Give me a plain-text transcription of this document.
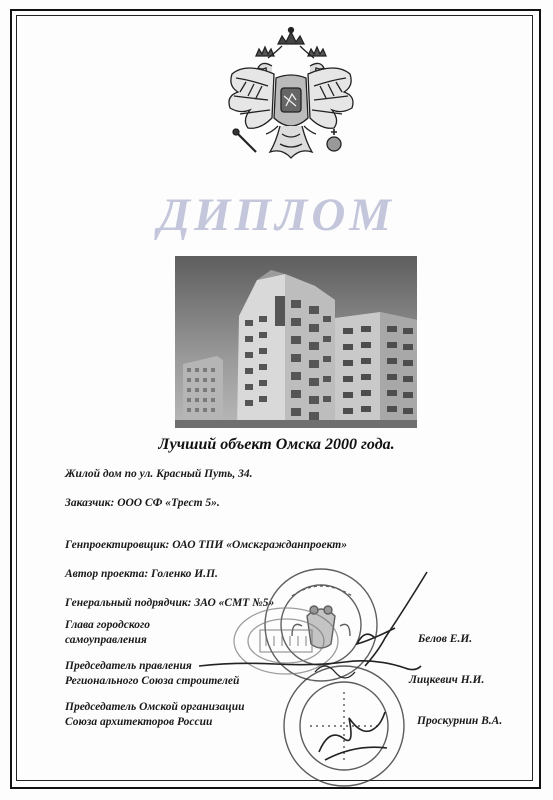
ДИПЛОМ
Лучший объект Омска 2000 года.
Жилой дом по ул. Красный Путь, 34.
Заказчик: ООО СФ «Трест 5».
Генпроектировщик: ОАО ТПИ «Омскгражданпроект»
Автор проекта: Голенко И.П.
Генеральный подрядчик: ЗАО «СМТ №5»
Глава городского
самоуправления	Белов Е.И.
Председатель правления
Регионального Союза строителей	Лицкевич Н.И.
Председатель Омской организации
Союза архитекторов России	Проскурнин В.А.
